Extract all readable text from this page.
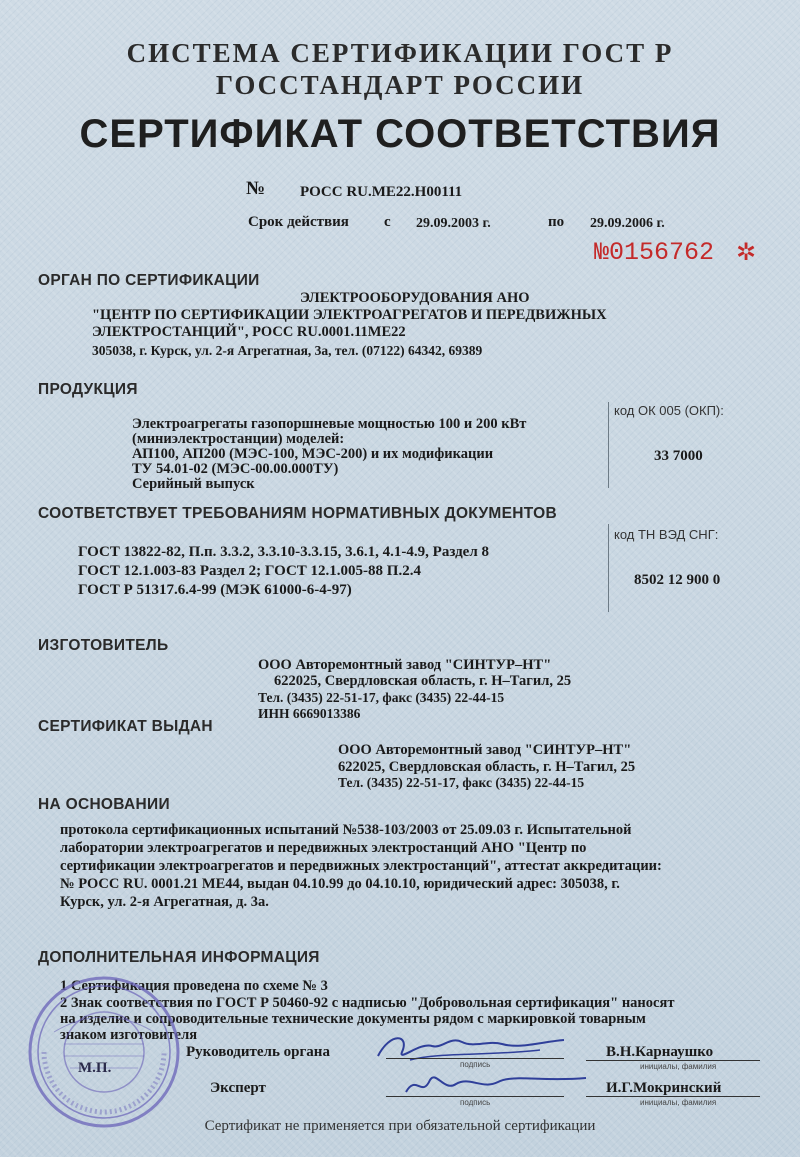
СИСТЕМА СЕРТИФИКАЦИИ ГОСТ Р
ГОССТАНДАРТ РОССИИ
СЕРТИФИКАТ СООТВЕТСТВИЯ
№ РОСС RU.МЕ22.Н00111
Срок действия с 29.09.2003 г.	по 29.09.2006 г.
№0156762 ✲
ОРГАН ПО СЕРТИФИКАЦИИ
ЭЛЕКТРООБОРУДОВАНИЯ АНО
"ЦЕНТР ПО СЕРТИФИКАЦИИ ЭЛЕКТРОАГРЕГАТОВ И ПЕРЕДВИЖНЫХ
ЭЛЕКТРОСТАНЦИЙ", РОСС RU.0001.11МЕ22
305038, г. Курск, ул. 2-я Агрегатная, 3а, тел. (07122) 64342, 69389
ПРОДУКЦИЯ
Электроагрегаты газопоршневые мощностью 100 и 200 кВт
(миниэлектростанции) моделей:
АП100, АП200 (МЭС-100, МЭС-200) и их модификации
ТУ 54.01-02 (МЭС-00.00.000ТУ)
Серийный выпуск
код ОК 005 (ОКП):
33 7000
СООТВЕТСТВУЕТ ТРЕБОВАНИЯМ НОРМАТИВНЫХ ДОКУМЕНТОВ
ГОСТ 13822-82, П.п. 3.3.2, 3.3.10-3.3.15, 3.6.1, 4.1-4.9, Раздел 8
ГОСТ 12.1.003-83 Раздел 2; ГОСТ 12.1.005-88 П.2.4
ГОСТ Р 51317.6.4-99 (МЭК 61000-6-4-97)
код ТН ВЭД СНГ:
8502 12 900 0
ИЗГОТОВИТЕЛЬ
ООО Авторемонтный завод "СИНТУР–НТ"
622025, Свердловская область, г. Н–Тагил, 25
Тел. (3435) 22-51-17, факс (3435) 22-44-15
ИНН 6669013386
СЕРТИФИКАТ ВЫДАН
ООО Авторемонтный завод "СИНТУР–НТ"
622025, Свердловская область, г. Н–Тагил, 25
Тел. (3435) 22-51-17, факс (3435) 22-44-15
НА ОСНОВАНИИ
протокола сертификационных испытаний №538-103/2003 от 25.09.03 г. Испытательной
лаборатории электроагрегатов и передвижных электростанций АНО "Центр по
сертификации электроагрегатов и передвижных электростанций", аттестат аккредитации:
№ РОСС RU. 0001.21 МЕ44, выдан 04.10.99 до 04.10.10, юридический адрес: 305038, г.
Курск, ул. 2-я Агрегатная, д. 3а.
ДОПОЛНИТЕЛЬНАЯ ИНФОРМАЦИЯ
1 Сертификация проведена по схеме № 3
2 Знак соответствия по ГОСТ Р 50460-92 с надписью "Добровольная сертификация" наносят
на изделие и сопроводительные технические документы рядом с маркировкой товарным
знаком изготовителя
М.П.
Руководитель органа
подпись
В.Н.Карнаушко
инициалы, фамилия
Эксперт
подпись
И.Г.Мокринский
инициалы, фамилия
Сертификат не применяется при обязательной сертификации
